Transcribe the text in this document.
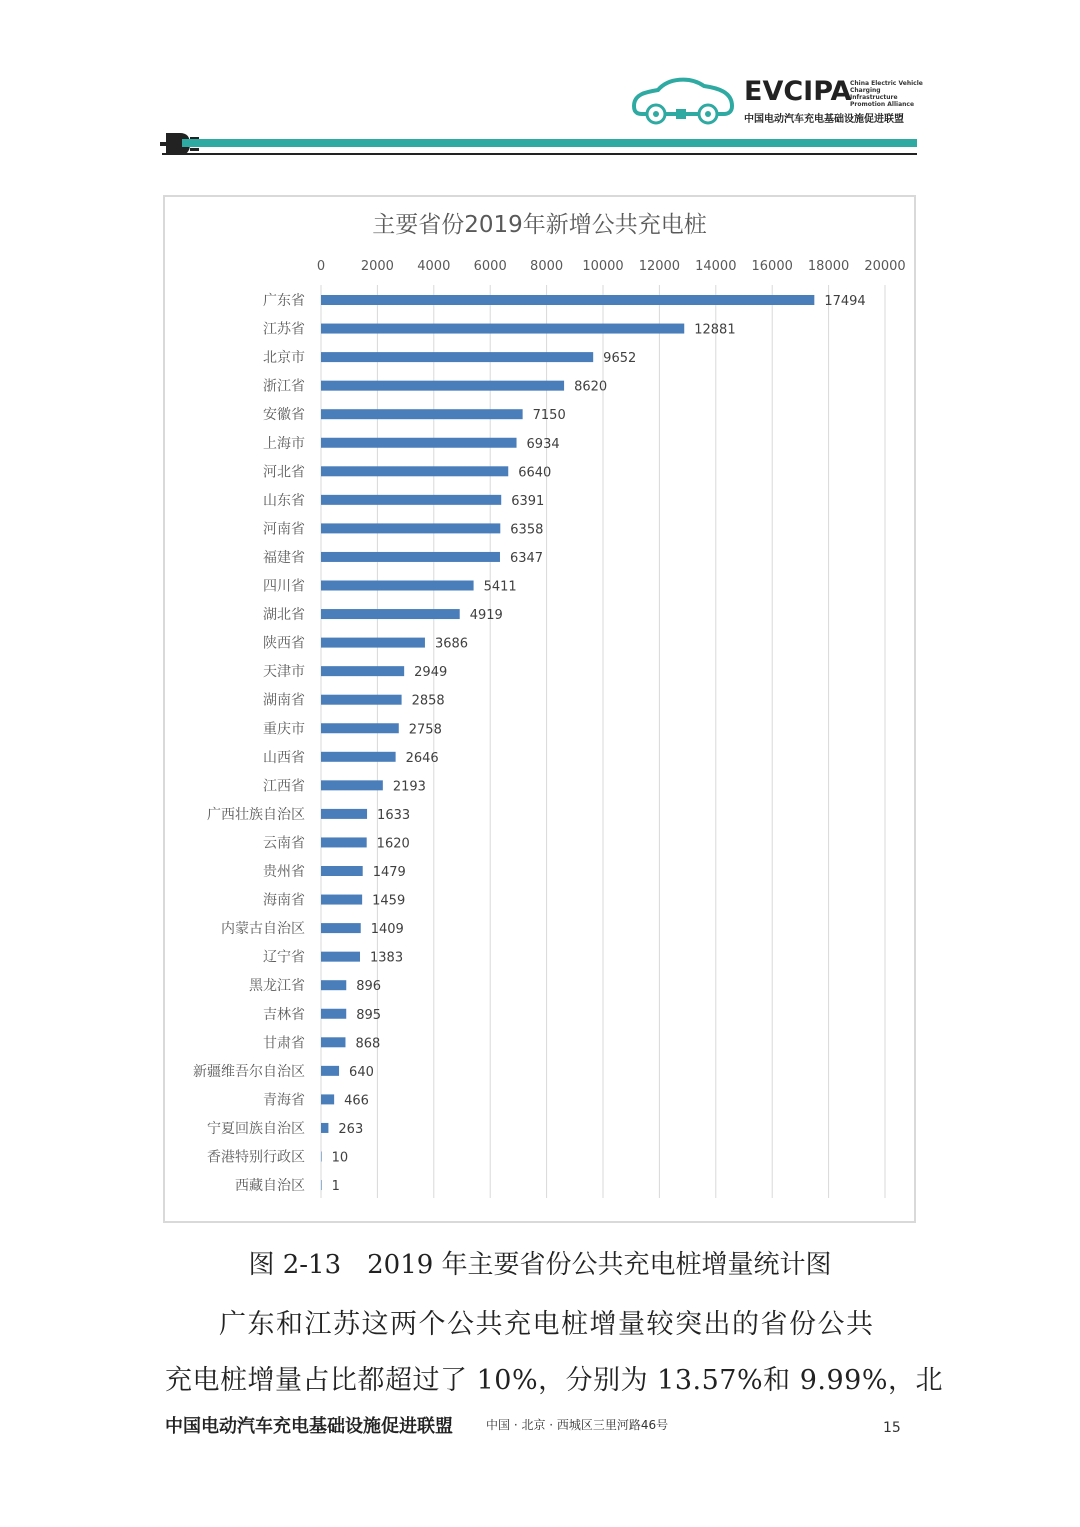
EVCIPA
China Electric Vehicle Charging Infrastructure Promotion Alliance
中国电动汽车充电基础设施促进联盟
主要省份2019年新增公共充电桩
0	2000 4000 6000 8000 10000 12000 14000 16000 18000 20000
广东省
江苏省
北京市
浙江省
安徽省
上海市
河北省
山东省
河南省
福建省
四川省
湖北省
陕西省
天津市
湖南省
重庆市
山西省
江西省
广西壮族自治区
云南省
贵州省
海南省
内蒙古自治区
辽宁省
黑龙江省
吉林省
甘肃省
新疆维吾尔自治区
青海省
宁夏回族自治区
香港特别行政区
西藏自治区
17494
12881
9652
8620
7150
6934
6640
6391
6358
6347
5411
4919
3686
2949
2858
2758
2646
2193
1633
1620
1479
1459
1409
1383
896
895
868
640
466
263
10
1
图 2-13　2019 年主要省份公共充电桩增量统计图
广东和江苏这两个公共充电桩增量较突出的省份公共
充电桩增量占比都超过了 10%，分别为 13.57%和 9.99%，北
中国电动汽车充电基础设施促进联盟	中国 · 北京 · 西城区三里河路46号	15
